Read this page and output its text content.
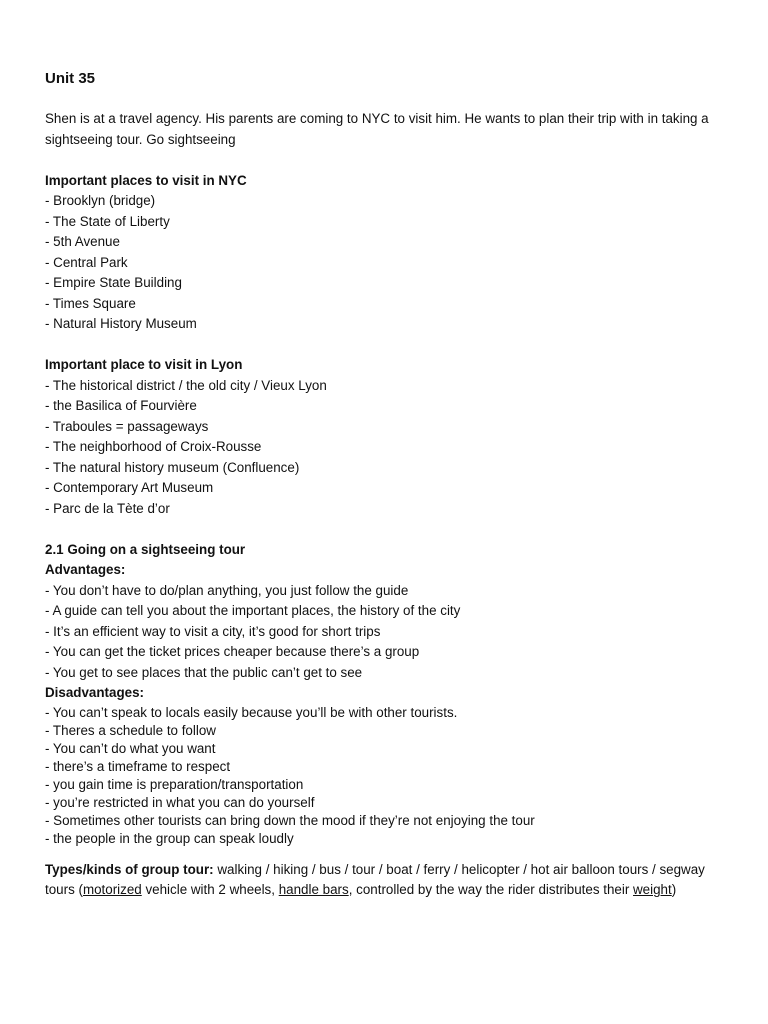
Unit 35

Shen is at a travel agency. His parents are coming to NYC to visit him. He wants to plan their trip with in taking a sightseeing tour. Go sightseeing

Important places to visit in NYC
- Brooklyn (bridge)
- The State of Liberty
- 5th Avenue
- Central Park
- Empire State Building
- Times Square
- Natural History Museum
Important place to visit in Lyon
- The historical district / the old city / Vieux Lyon
- the Basilica of Fourvière
- Traboules = passageways
- The neighborhood of Croix-Rousse
- The natural history museum (Confluence)
- Contemporary Art Museum
- Parc de la Tète d’or
2.1 Going on a sightseeing tour
Advantages:
- You don’t have to do/plan anything, you just follow the guide
- A guide can tell you about the important places, the history of the city
- It’s an efficient way to visit a city, it’s good for short trips
- You can get the ticket prices cheaper because there’s a group
- You get to see places that the public can’t get to see
Disadvantages:
- You can’t speak to locals easily because you’ll be with other tourists.
- Theres a schedule to follow
- You can’t do what you want
- there’s a timeframe to respect
- you gain time is preparation/transportation
- you’re restricted in what you can do yourself
- Sometimes other tourists can bring down the mood if they’re not enjoying the tour
- the people in the group can speak loudly

Types/kinds of group tour: walking / hiking / bus / tour / boat / ferry / helicopter / hot air balloon tours / segway tours (motorized vehicle with 2 wheels, handle bars, controlled by the way the rider distributes their weight)
